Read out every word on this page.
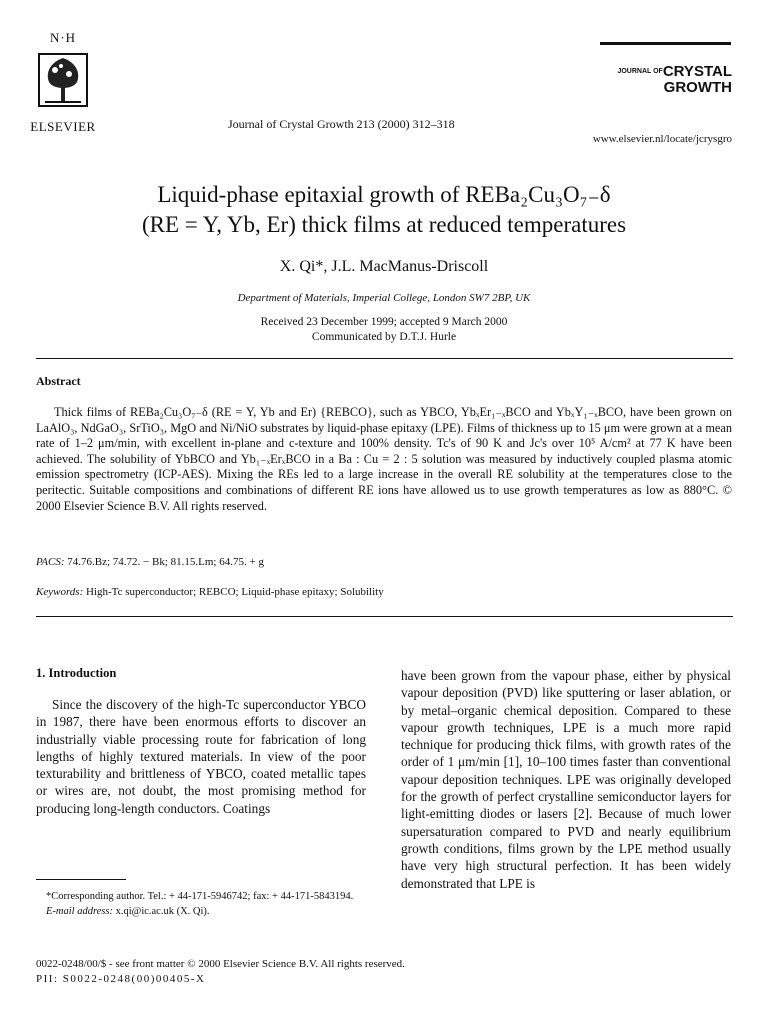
N·H
ELSEVIER	Journal of Crystal Growth 213 (2000) 312–318
JOURNAL OFCRYSTAL
GROWTH
www.elsevier.nl/locate/jcrysgro
Liquid-phase epitaxial growth of REBa₂Cu₃O₇₋δ
(RE = Y, Yb, Er) thick films at reduced temperatures
X. Qi*, J.L. MacManus-Driscoll
Department of Materials, Imperial College, London SW7 2BP, UK
Received 23 December 1999; accepted 9 March 2000
Communicated by D.T.J. Hurle
Abstract
Thick films of REBa₂Cu₃O₇₋δ (RE = Y, Yb and Er) {REBCO}, such as YBCO, YbₓEr₁₋ₓBCO and YbₓY₁₋ₓBCO, have been grown on LaAlO₃, NdGaO₃, SrTiO₃, MgO and Ni/NiO substrates by liquid-phase epitaxy (LPE). Films of thickness up to 15 μm were grown at a mean rate of 1–2 μm/min, with excellent in-plane and c-texture and 100% density. Tc's of 90 K and Jc's over 10⁵ A/cm² at 77 K have been achieved. The solubility of YbBCO and Yb₁₋ₓErₓBCO in a Ba : Cu = 2 : 5 solution was measured by inductively coupled plasma atomic emission spectrometry (ICP-AES). Mixing the REs led to a large increase in the overall RE solubility at the temperatures close to the peritectic. Suitable compositions and combinations of different RE ions have allowed us to use growth temperatures as low as 880°C. © 2000 Elsevier Science B.V. All rights reserved.
PACS: 74.76.Bz; 74.72. − Bk; 81.15.Lm; 64.75. + g
Keywords: High-Tc superconductor; REBCO; Liquid-phase epitaxy; Solubility
1. Introduction
Since the discovery of the high-Tc superconductor YBCO in 1987, there have been enormous efforts to discover an industrially viable processing route for fabrication of long lengths of highly textured materials. In view of the poor texturability and brittleness of YBCO, coated metallic tapes or wires are, not doubt, the most promising method for producing long-length conductors. Coatings
have been grown from the vapour phase, either by physical vapour deposition (PVD) like sputtering or laser ablation, or by metal–organic chemical deposition. Compared to these vapour growth techniques, LPE is a much more rapid technique for producing thick films, with growth rates of the order of 1 μm/min [1], 10–100 times faster than conventional vapour deposition techniques. LPE was originally developed for the growth of perfect crystalline semiconductor layers for light-emitting diodes or lasers [2]. Because of much lower supersaturation compared to PVD and nearly equilibrium growth conditions, films grown by the LPE method usually have very high structural perfection. It has been widely demonstrated that LPE is
*Corresponding author. Tel.: + 44-171-5946742; fax: + 44-171-5843194.
E-mail address: x.qi@ic.ac.uk (X. Qi).
0022-0248/00/$ - see front matter © 2000 Elsevier Science B.V. All rights reserved.
PII: S0022-0248(00)00405-X
